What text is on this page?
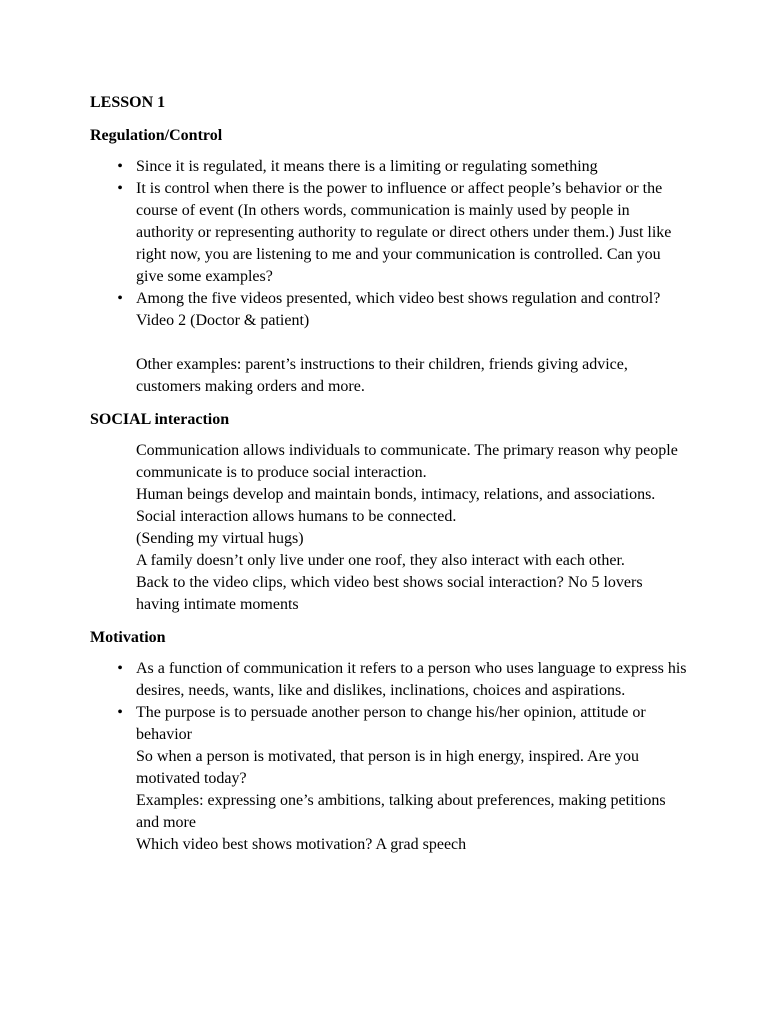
LESSON 1

Regulation/Control

• Since it is regulated, it means there is a limiting or regulating something
• It is control when there is the power to influence or affect people’s behavior or the course of event (In others words, communication is mainly used by people in authority or representing authority to regulate or direct others under them.) Just like right now, you are listening to me and your communication is controlled. Can you give some examples?
• Among the five videos presented, which video best shows regulation and control? Video 2 (Doctor & patient)

Other examples: parent’s instructions to their children, friends giving advice, customers making orders and more.

SOCIAL interaction

Communication allows individuals to communicate. The primary reason why people communicate is to produce social interaction.

Human beings develop and maintain bonds, intimacy, relations, and associations. Social interaction allows humans to be connected.

(Sending my virtual hugs)

A family doesn’t only live under one roof, they also interact with each other.

Back to the video clips, which video best shows social interaction? No 5 lovers having intimate moments

Motivation

• As a function of communication it refers to a person who uses language to express his desires, needs, wants, like and dislikes, inclinations, choices and aspirations.
• The purpose is to persuade another person to change his/her opinion, attitude or behavior

So when a person is motivated, that person is in high energy, inspired. Are you motivated today?

Examples: expressing one’s ambitions, talking about preferences, making petitions and more

Which video best shows motivation? A grad speech
